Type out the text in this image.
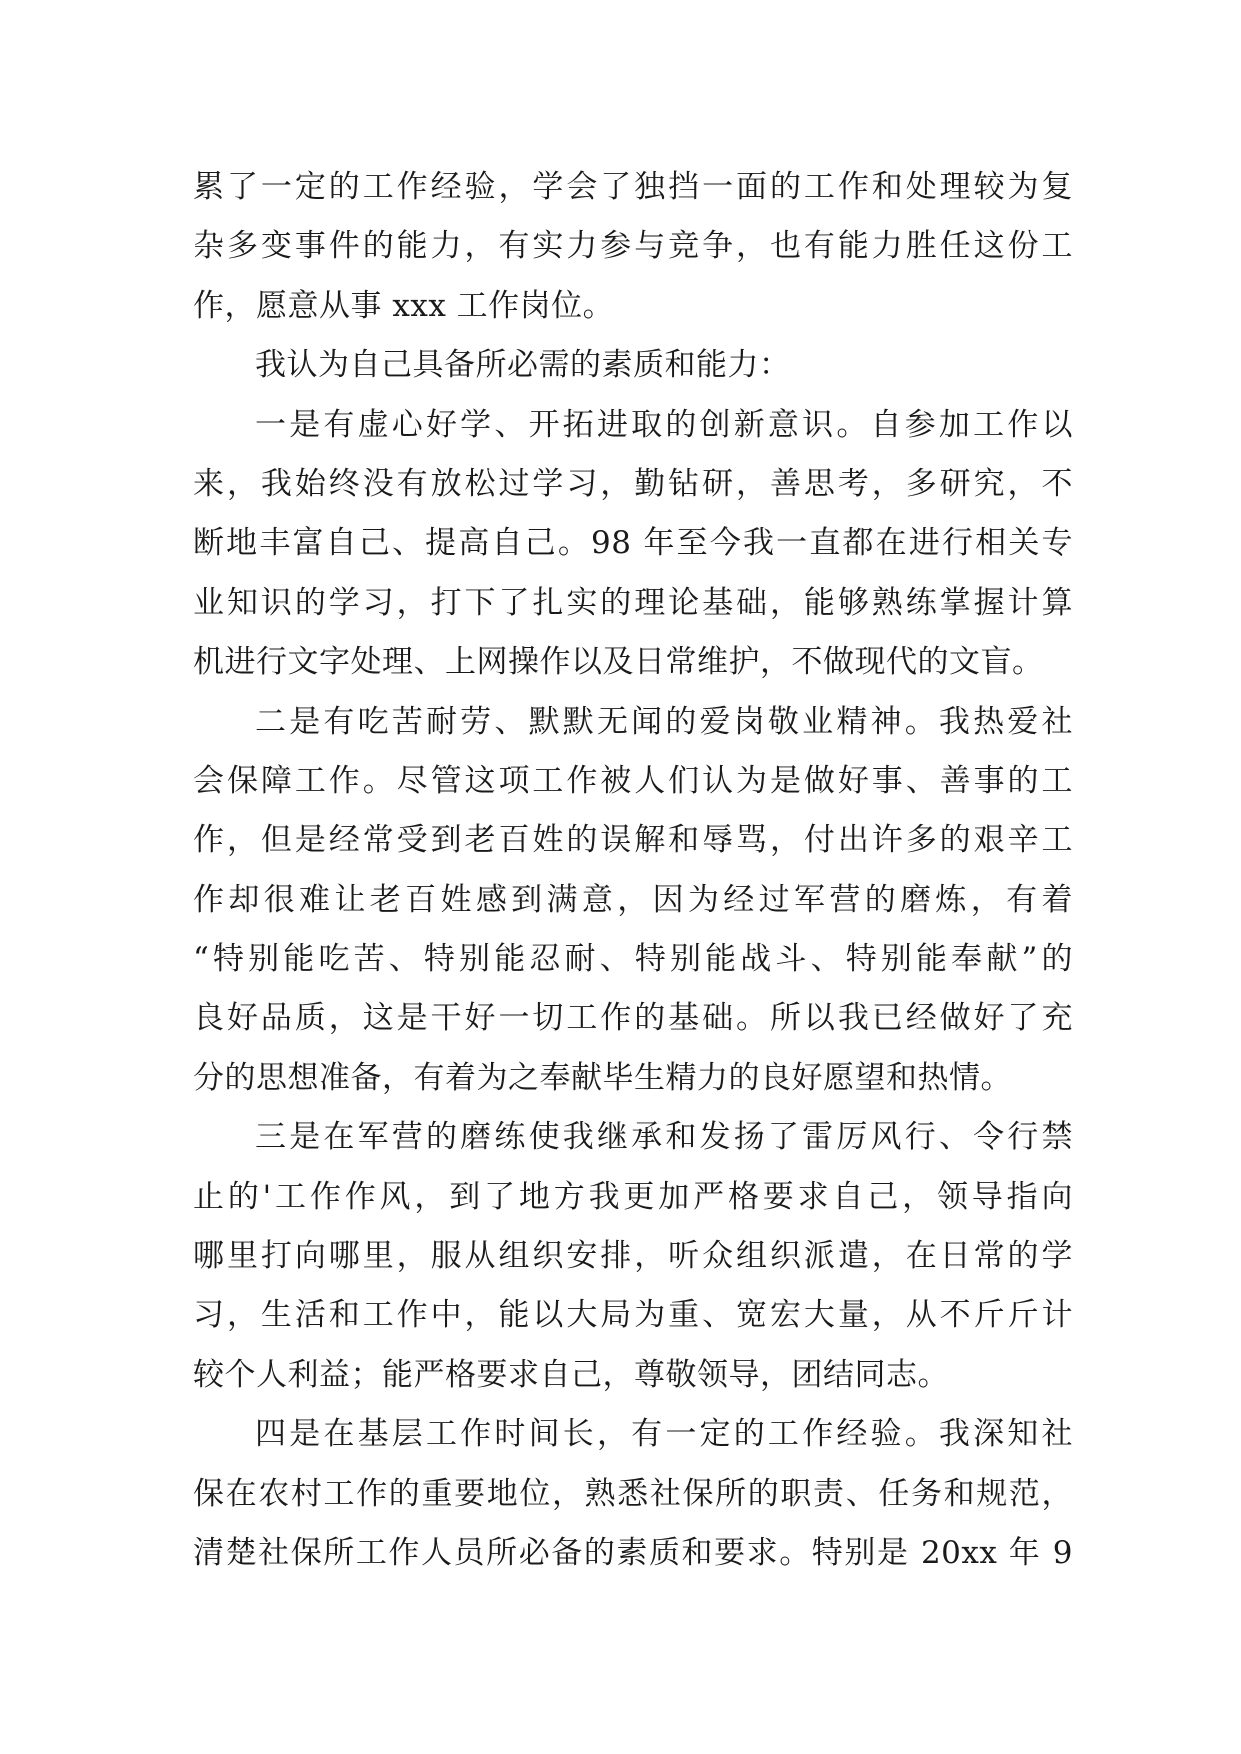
累了一定的工作经验，学会了独挡一面的工作和处理较为复
杂多变事件的能力，有实力参与竞争，也有能力胜任这份工
作，愿意从事 xxx 工作岗位。
我认为自己具备所必需的素质和能力：
一是有虚心好学、开拓进取的创新意识。自参加工作以
来，我始终没有放松过学习，勤钻研，善思考，多研究，不
断地丰富自己、提高自己。98 年至今我一直都在进行相关专
业知识的学习，打下了扎实的理论基础，能够熟练掌握计算
机进行文字处理、上网操作以及日常维护，不做现代的文盲。
二是有吃苦耐劳、默默无闻的爱岗敬业精神。我热爱社
会保障工作。尽管这项工作被人们认为是做好事、善事的工
作，但是经常受到老百姓的误解和辱骂，付出许多的艰辛工
作却很难让老百姓感到满意，因为经过军营的磨炼，有着
“特别能吃苦、特别能忍耐、特别能战斗、特别能奉献”的
良好品质，这是干好一切工作的基础。所以我已经做好了充
分的思想准备，有着为之奉献毕生精力的良好愿望和热情。
三是在军营的磨练使我继承和发扬了雷厉风行、令行禁
止的'工作作风，到了地方我更加严格要求自己，领导指向
哪里打向哪里，服从组织安排，听众组织派遣，在日常的学
习，生活和工作中，能以大局为重、宽宏大量，从不斤斤计
较个人利益；能严格要求自己，尊敬领导，团结同志。
四是在基层工作时间长，有一定的工作经验。我深知社
保在农村工作的重要地位，熟悉社保所的职责、任务和规范，
清楚社保所工作人员所必备的素质和要求。特别是 20xx 年 9
